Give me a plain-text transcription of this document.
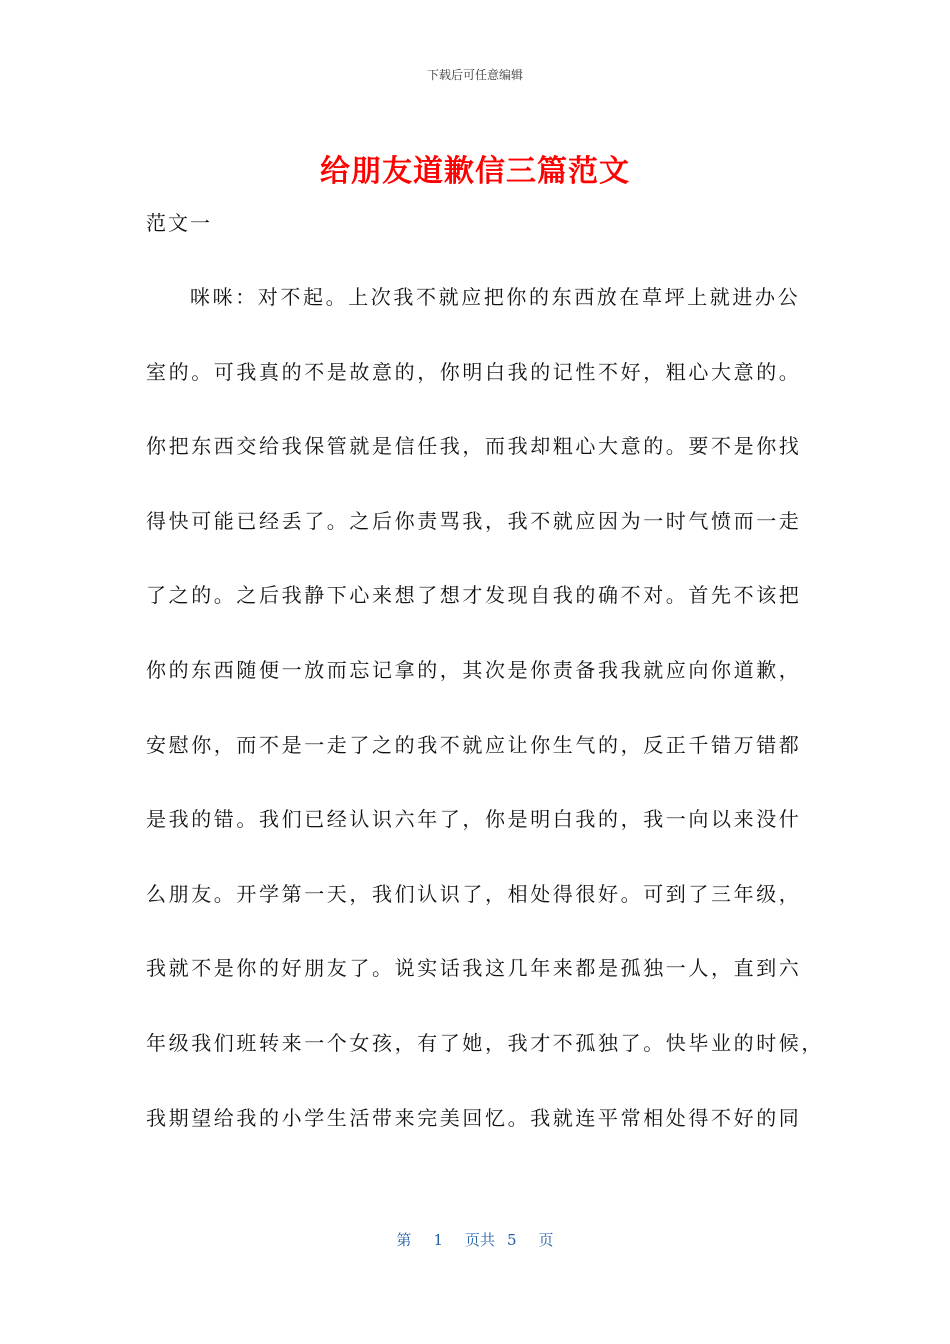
下载后可任意编辑
给朋友道歉信三篇范文
范文一
咪咪：对不起。上次我不就应把你的东西放在草坪上就进办公
室的。可我真的不是故意的，你明白我的记性不好，粗心大意的。
你把东西交给我保管就是信任我，而我却粗心大意的。要不是你找
得快可能已经丢了。之后你责骂我，我不就应因为一时气愤而一走
了之的。之后我静下心来想了想才发现自我的确不对。首先不该把
你的东西随便一放而忘记拿的，其次是你责备我我就应向你道歉，
安慰你，而不是一走了之的我不就应让你生气的，反正千错万错都
是我的错。我们已经认识六年了，你是明白我的，我一向以来没什
么朋友。开学第一天，我们认识了，相处得很好。可到了三年级，
我就不是你的好朋友了。说实话我这几年来都是孤独一人，直到六
年级我们班转来一个女孩，有了她，我才不孤独了。快毕业的时候，
我期望给我的小学生活带来完美回忆。我就连平常相处得不好的同
第 1 页共 5 页
